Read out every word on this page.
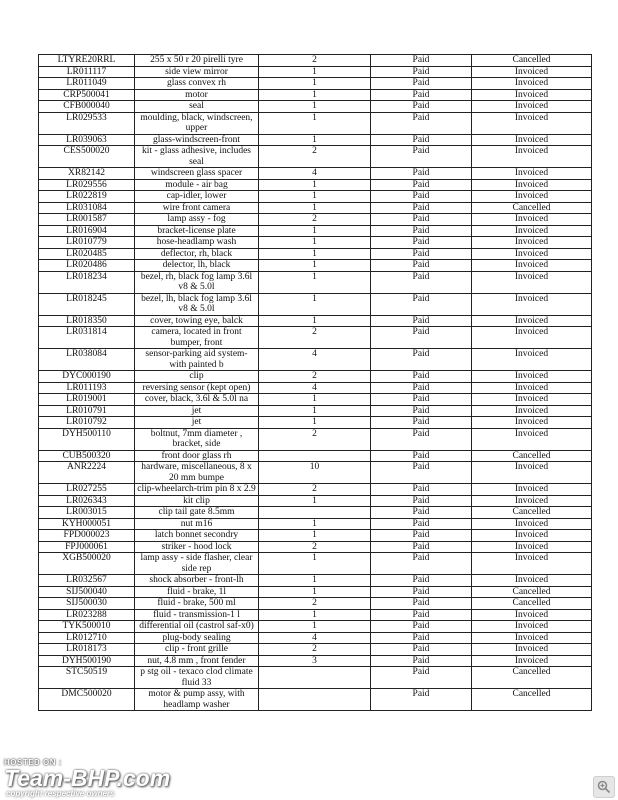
LTYRE20RRL	255 x 50 r 20 pirelli tyre	2	Paid	Cancelled
LR011117	side view mirror	1	Paid	Invoiced
LR011049	glass convex rh	1	Paid	Invoiced
CRP500041	motor	1	Paid	Invoiced
CFB000040	seal	1	Paid	Invoiced
LR029533	moulding, black, windscreen, upper	1	Paid	Invoiced
LR039063	glass-windscreen-front	1	Paid	Invoiced
CES500020	kit - glass adhesive, includes seal	2	Paid	Invoiced
XR82142	windscreen glass spacer	4	Paid	Invoiced
LR029556	module - air bag	1	Paid	Invoiced
LR022819	cap-idler, lower	1	Paid	Invoiced
LR031084	wire front camera	1	Paid	Cancelled
LR001587	lamp assy - fog	2	Paid	Invoiced
LR016904	bracket-license plate	1	Paid	Invoiced
LR010779	hose-headlamp wash	1	Paid	Invoiced
LR020485	deflector, rh, black	1	Paid	Invoiced
LR020486	delector, lh, black	1	Paid	Invoiced
LR018234	bezel, rh, black fog lamp 3.6l v8 & 5.0l	1	Paid	Invoiced
LR018245	bezel, lh, black fog lamp 3.6l v8 & 5.0l	1	Paid	Invoiced
LR018350	cover, towing eye, balck	1	Paid	Invoiced
LR031814	camera, located in front bumper, front	2	Paid	Invoiced
LR038084	sensor-parking aid system-with painted b	4	Paid	Invoiced
DYC000190	clip	2	Paid	Invoiced
LR011193	reversing sensor (kept open)	4	Paid	Invoiced
LR019001	cover, black, 3.6l & 5.0l na	1	Paid	Invoiced
LR010791	jet	1	Paid	Invoiced
LR010792	jet	1	Paid	Invoiced
DYH500110	boltnut, 7mm diameter , bracket, side	2	Paid	Invoiced
CUB500320	front door glass rh		Paid	Cancelled
ANR2224	hardware, miscellaneous, 8 x 20 mm bumpe	10	Paid	Invoiced
LR027255	clip-wheelarch-trim pin 8 x 2.9	2	Paid	Invoiced
LR026343	kit clip	1	Paid	Invoiced
LR003015	clip tail gate 8.5mm		Paid	Cancelled
KYH000051	nut m16	1	Paid	Invoiced
FPD000023	latch bonnet secondry	1	Paid	Invoiced
FPJ000061	striker - hood lock	2	Paid	Invoiced
XGB500020	lamp assy - side flasher, clear side rep	1	Paid	Invoiced
LR032567	shock absorber - front-lh	1	Paid	Invoiced
SIJ500040	fluid - brake, 1l	1	Paid	Cancelled
SIJ500030	fluid - brake, 500 ml	2	Paid	Cancelled
LR023288	fluid - transmission-1 l	1	Paid	Invoiced
TYK500010	differential oil (castrol saf-x0)	1	Paid	Invoiced
LR012710	plug-body sealing	4	Paid	Invoiced
LR018173	clip - front grille	2	Paid	Invoiced
DYH500190	nut, 4.8 mm , front fender	3	Paid	Invoiced
STC50519	p stg oil - texaco clod climate fluid 33		Paid	Cancelled
DMC500020	motor & pump assy, with headlamp washer		Paid	Cancelled
HOSTED ON :
Team-BHP.com
copyright respective owners
